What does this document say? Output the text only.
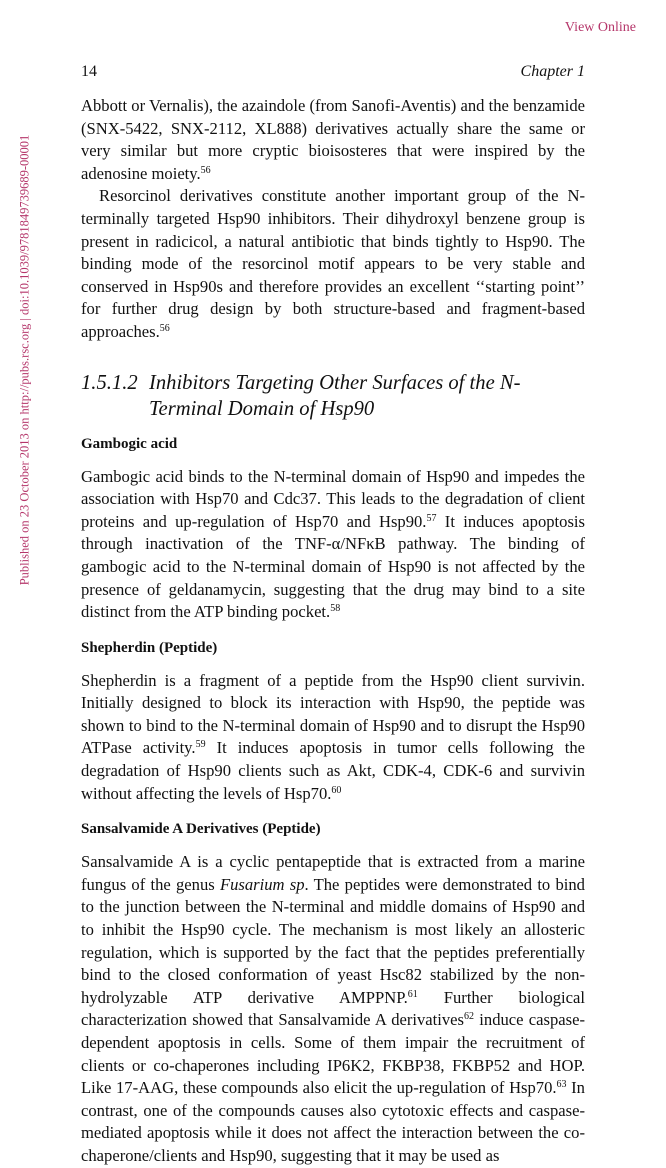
View Online
Published on 23 October 2013 on http://pubs.rsc.org | doi:10.1039/9781849739689-00001
14	Chapter 1

Abbott or Vernalis), the azaindole (from Sanofi-Aventis) and the benzamide (SNX-5422, SNX-2112, XL888) derivatives actually share the same or very similar but more cryptic bioisosteres that were inspired by the adenosine moiety.$^{56}$

Resorcinol derivatives constitute another important group of the N-terminally targeted Hsp90 inhibitors. Their dihydroxyl benzene group is present in radicicol, a natural antibiotic that binds tightly to Hsp90. The binding mode of the resorcinol motif appears to be very stable and conserved in Hsp90s and therefore provides an excellent ‘‘starting point’’ for further drug design by both structure-based and fragment-based approaches.$^{56}$

1.5.1.2 Inhibitors Targeting Other Surfaces of the N-Terminal Domain of Hsp90
Gambogic acid

Gambogic acid binds to the N-terminal domain of Hsp90 and impedes the association with Hsp70 and Cdc37. This leads to the degradation of client proteins and up-regulation of Hsp70 and Hsp90.57 It induces apoptosis through inactivation of the TNF-α/NFκB pathway. The binding of gambogic acid to the N-terminal domain of Hsp90 is not affected by the presence of geldanamycin, suggesting that the drug may bind to a site distinct from the ATP binding pocket.$^{58}$

Shepherdin (Peptide)

Shepherdin is a fragment of a peptide from the Hsp90 client survivin. Initially designed to block its interaction with Hsp90, the peptide was shown to bind to the N-terminal domain of Hsp90 and to disrupt the Hsp90 ATPase activity.$^{59}$ It induces apoptosis in tumor cells following the degradation of Hsp90 clients such as Akt, CDK-4, CDK-6 and survivin without affecting the levels of Hsp70.60

Sansalvamide A Derivatives (Peptide)

Sansalvamide A is a cyclic pentapeptide that is extracted from a marine fungus of the genus Fusarium sp. The peptides were demonstrated to bind to the junction between the N-terminal and middle domains of Hsp90 and to inhibit the Hsp90 cycle. The mechanism is most likely an allosteric regulation, which is supported by the fact that the peptides preferentially bind to the closed conformation of yeast Hsc82 stabilized by the non-hydrolyzable ATP derivative AMPPNP.$^{61}$ Further biological characterization showed that Sansalvamide A derivatives$^{62}$ induce caspase-dependent apoptosis in cells. Some of them impair the recruitment of clients or co-chaperones including IP6K2, FKBP38, FKBP52 and HOP. Like 17-AAG, these compounds also elicit the up-regulation of Hsp70.63 In contrast, one of the compounds causes also cytotoxic effects and caspase-mediated apoptosis while it does not affect the interaction between the co-chaperone/clients and Hsp90, suggesting that it may be used as
